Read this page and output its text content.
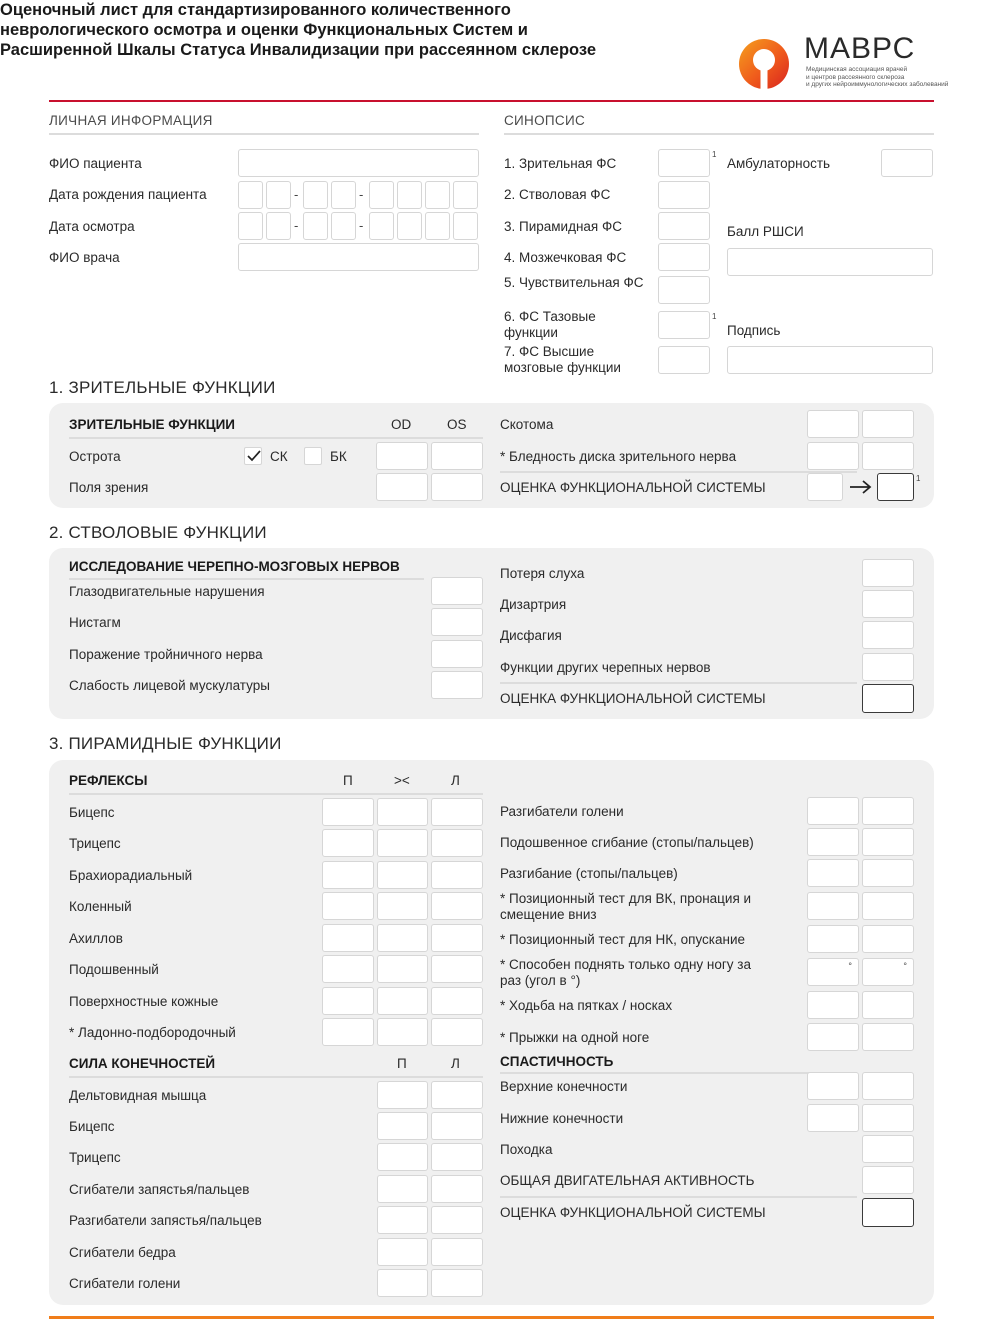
Оценочный лист для стандартизированного количественного
неврологического осмотра и оценки Функциональных Систем и
Расширенной Шкалы Статуса Инвалидизации при рассеянном склерозе	МАВРС
Медицинская ассоциация врачей
и центров рассеянного склероза
и других нейроиммунологических заболеваний
ЛИЧНАЯ ИНФОРМАЦИЯ
ФИО пациента
Дата рождения пациента	-	-
Дата осмотра	-	-
ФИО врача
СИНОПСИС
1. Зрительная ФС
1
2. Стволовая ФС
3. Пирамидная ФС
4. Мозжечковая ФС
5. Чувствительная ФС
6. ФС Тазовые функции
1
7. ФС Высшие мозговые функции
Амбулаторность
Балл РШСИ
Подпись
1. ЗРИТЕЛЬНЫЕ ФУНКЦИИ
ЗРИТЕЛЬНЫЕ ФУНКЦИИ	OD	OS
Острота	СК	БК
Поля зрения
Скотома
* Бледность диска зрительного нерва
ОЦЕНКА ФУНКЦИОНАЛЬНОЙ СИСТЕМЫ
1
2. СТВОЛОВЫЕ ФУНКЦИИ
ИССЛЕДОВАНИЕ ЧЕРЕПНО-МОЗГОВЫХ НЕРВОВ
Глазодвигательные нарушения
Нистагм
Поражение тройничного нерва
Слабость лицевой мускулатуры
Потеря слуха
Дизартрия
Дисфагия
Функции других черепных нервов
ОЦЕНКА ФУНКЦИОНАЛЬНОЙ СИСТЕМЫ
3. ПИРАМИДНЫЕ ФУНКЦИИ
РЕФЛЕКСЫ	П	><	Л
Бицепс
Трицепс
Брахиорадиальный
Коленный
Ахиллов
Подошвенный
Поверхностные кожные
* Ладонно-подбородочный
СИЛА КОНЕЧНОСТЕЙ	П	Л
Дельтовидная мышца
Бицепс
Трицепс
Сгибатели запястья/пальцев
Разгибатели запястья/пальцев
Сгибатели бедра
Сгибатели голени
Разгибатели голени
Подошвенное сгибание (стопы/пальцев)
Разгибание (стопы/пальцев)
* Позиционный тест для ВК, пронация и смещение вниз
* Позиционный тест для НК, опускание
* Способен поднять только одну ногу за раз (угол в °)
°	°
* Ходьба на пятках / носках
* Прыжки на одной ноге
СПАСТИЧНОСТЬ
Верхние конечности
Нижние конечности
Походка
ОБЩАЯ ДВИГАТЕЛЬНАЯ АКТИВНОСТЬ
ОЦЕНКА ФУНКЦИОНАЛЬНОЙ СИСТЕМЫ
